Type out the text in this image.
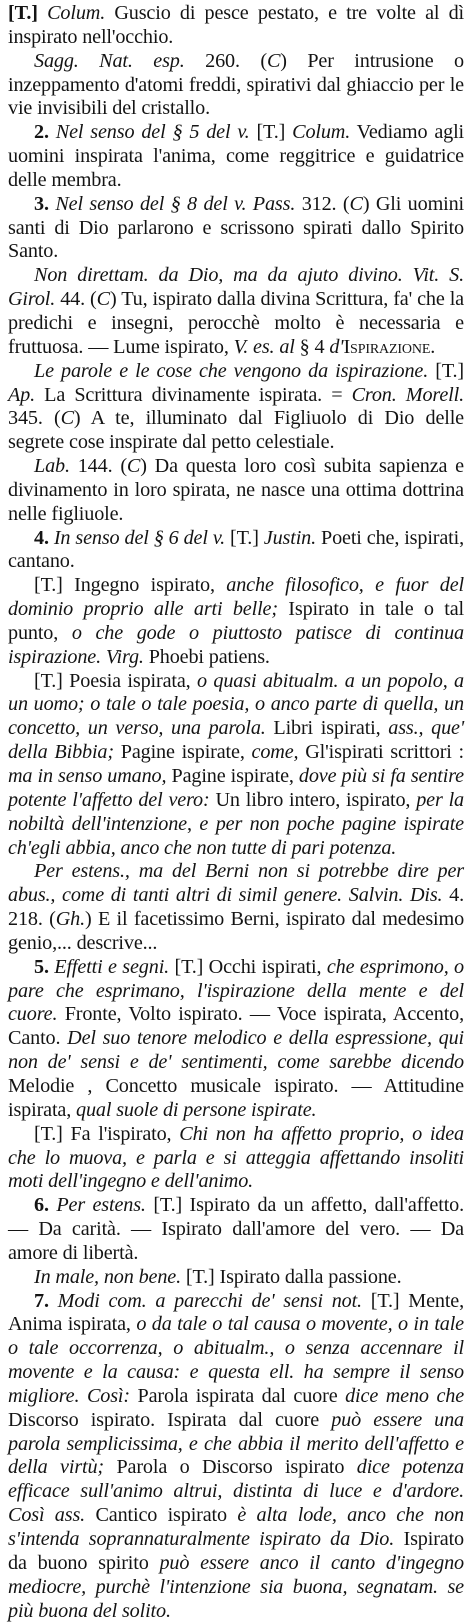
[T.] Colum. Guscio di pesce pestato, e tre volte al dì inspirato nell'occhio.

Sagg. Nat. esp. 260. (C) Per intrusione o inzeppamento d'atomi freddi, spirativi dal ghiaccio per le vie invisibili del cristallo.

2. Nel senso del § 5 del v. [T.] Colum. Vediamo agli uomini inspirata l'anima, come reggitrice e guidatrice delle membra.

3. Nel senso del § 8 del v. Pass. 312. (C) Gli uomini santi di Dio parlarono e scrissono spirati dallo Spirito Santo.

Non direttam. da Dio, ma da ajuto divino. Vit. S. Girol. 44. (C) Tu, ispirato dalla divina Scrittura, fa' che la predichi e insegni, perocchè molto è necessaria e fruttuosa. — Lume ispirato, V. es. al § 4 d'Ispirazione.

Le parole e le cose che vengono da ispirazione. [T.] Ap. La Scrittura divinamente ispirata. = Cron. Morell. 345. (C) A te, illuminato dal Figliuolo di Dio delle segrete cose inspirate dal petto celestiale.

Lab. 144. (C) Da questa loro così subita sapienza e divinamento in loro spirata, ne nasce una ottima dottrina nelle figliuole.

4. In senso del § 6 del v. [T.] Justin. Poeti che, ispirati, cantano.

[T.] Ingegno ispirato, anche filosofico, e fuor del dominio proprio alle arti belle; Ispirato in tale o tal punto, o che gode o piuttosto patisce di continua ispirazione. Virg. Phoebi patiens.

[T.] Poesia ispirata, o quasi abitualm. a un popolo, a un uomo; o tale o tale poesia, o anco parte di quella, un concetto, un verso, una parola. Libri ispirati, ass., que' della Bibbia; Pagine ispirate, come, Gl'ispirati scrittori : ma in senso umano, Pagine ispirate, dove più si fa sentire potente l'affetto del vero: Un libro intero, ispirato, per la nobiltà dell'intenzione, e per non poche pagine ispirate ch'egli abbia, anco che non tutte di pari potenza.

Per estens., ma del Berni non si potrebbe dire per abus., come di tanti altri di simil genere. Salvin. Dis. 4. 218. (Gh.) E il facetissimo Berni, ispirato dal medesimo genio,... descrive...

5. Effetti e segni. [T.] Occhi ispirati, che esprimono, o pare che esprimano, l'ispirazione della mente e del cuore. Fronte, Volto ispirato. — Voce ispirata, Accento, Canto. Del suo tenore melodico e della espressione, qui non de' sensi e de' sentimenti, come sarebbe dicendo Melodie , Concetto musicale ispirato. — Attitudine ispirata, qual suole di persone ispirate.

[T.] Fa l'ispirato, Chi non ha affetto proprio, o idea che lo muova, e parla e si atteggia affettando insoliti moti dell'ingegno e dell'animo.

6. Per estens. [T.] Ispirato da un affetto, dall'affetto. — Da carità. — Ispirato dall'amore del vero. — Da amore di libertà.

In male, non bene. [T.] Ispirato dalla passione.

7. Modi com. a parecchi de' sensi not. [T.] Mente, Anima ispirata, o da tale o tal causa o movente, o in tale o tale occorrenza, o abitualm., o senza accennare il movente e la causa: e questa ell. ha sempre il senso migliore. Così: Parola ispirata dal cuore dice meno che Discorso ispirato. Ispirata dal cuore può essere una parola semplicissima, e che abbia il merito dell'affetto e della virtù; Parola o Discorso ispirato dice potenza efficace sull'animo altrui, distinta di luce e d'ardore. Così ass. Cantico ispirato è alta lode, anco che non s'intenda soprannaturalmente ispirato da Dio. Ispirato da buono spirito può essere anco il canto d'ingegno mediocre, purchè l'intenzione sia buona, segnatam. se più buona del solito.
